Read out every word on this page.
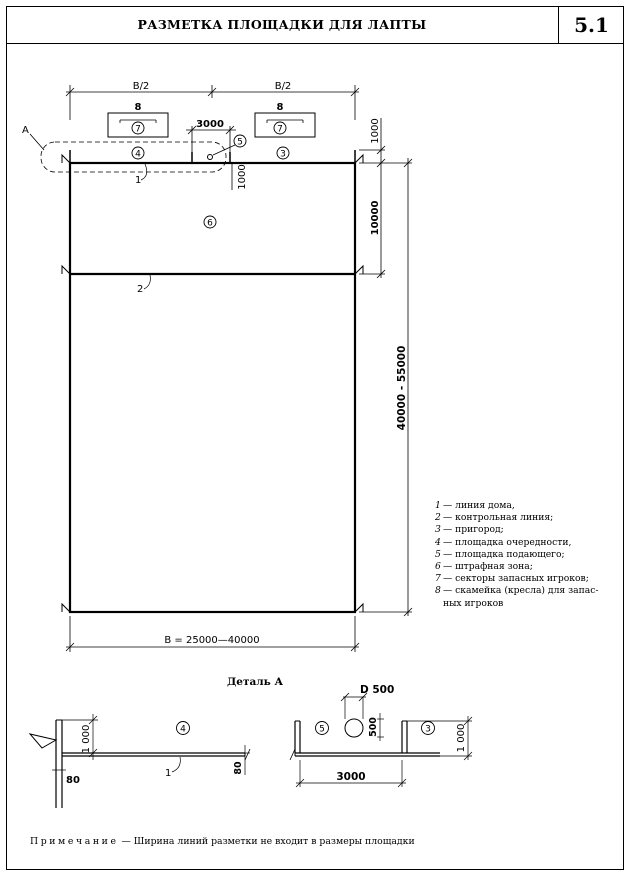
РАЗМЕТКА ПЛОЩАДКИ ДЛЯ ЛАПТЫ	5.1
А
B/2	B/2
8
7
8
7
3000
5
4	3
1
6
2
1000
10000
40000 - 55000
1000
B = 25000—40000
D 500
500
1 000	1 000
80
80
3000
4	5	3
1
1 — линия дома,
2 — контрольная линия;
3 — пригород;
4 — площадка очередности,
5 — площадка подающего;
6 — штрафная зона;
7 — секторы запасных игроков;
8 — скамейка (кресла) для запас-ных игроков
Деталь А
Примечание — Ширина линий разметки не входит в размеры площадки
